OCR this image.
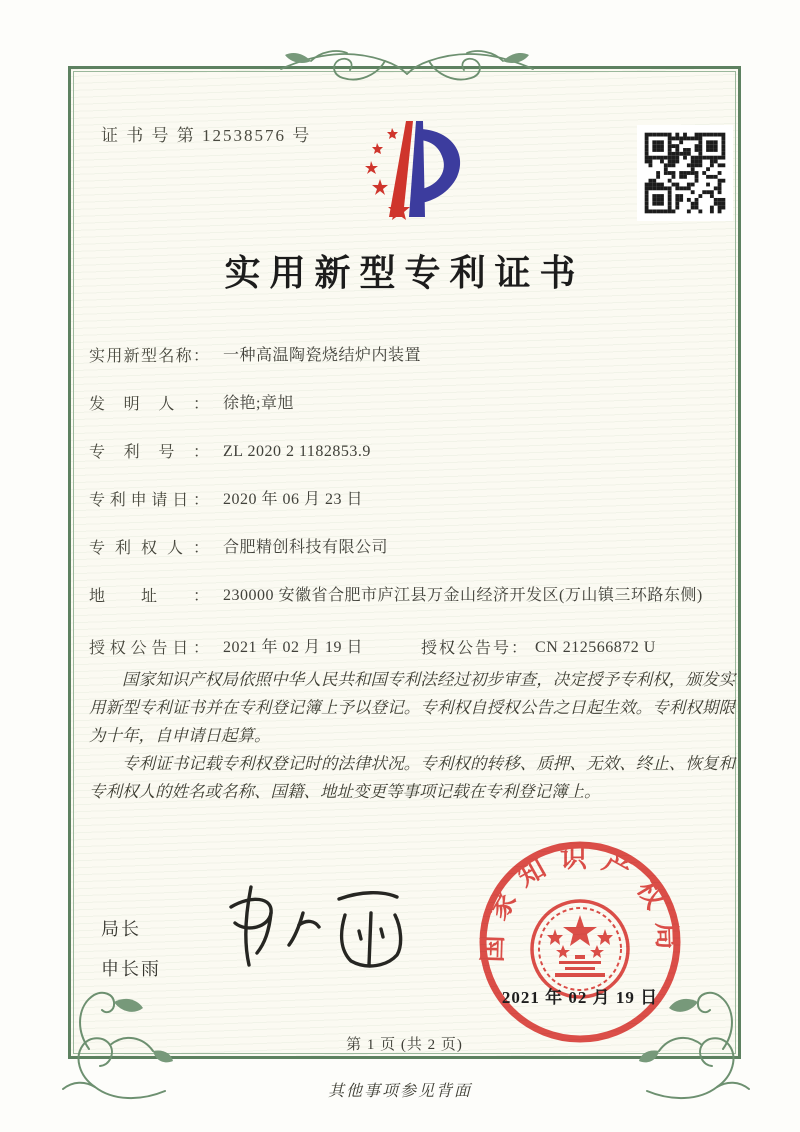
证 书 号 第 12538576 号
实用新型专利证书
实用新型名称： 一种高温陶瓷烧结炉内装置
发明人： 徐艳;章旭
专利号： ZL 2020 2 1182853.9
专利申请日： 2020 年 06 月 23 日
专利权人： 合肥精创科技有限公司
地址： 230000 安徽省合肥市庐江县万金山经济开发区(万山镇三环路东侧)
授权公告日： 2021 年 02 月 19 日	授权公告号： CN 212566872 U

国家知识产权局依照中华人民共和国专利法经过初步审查，决定授予专利权，颁发实用新型专利证书并在专利登记簿上予以登记。专利权自授权公告之日起生效。专利权期限为十年，自申请日起算。

专利证书记载专利权登记时的法律状况。专利权的转移、质押、无效、终止、恢复和专利权人的姓名或名称、国籍、地址变更等事项记载在专利登记簿上。

局长
申长雨
国家知识产权局
2021 年 02 月 19 日
第 1 页 (共 2 页)
其他事项参见背面
